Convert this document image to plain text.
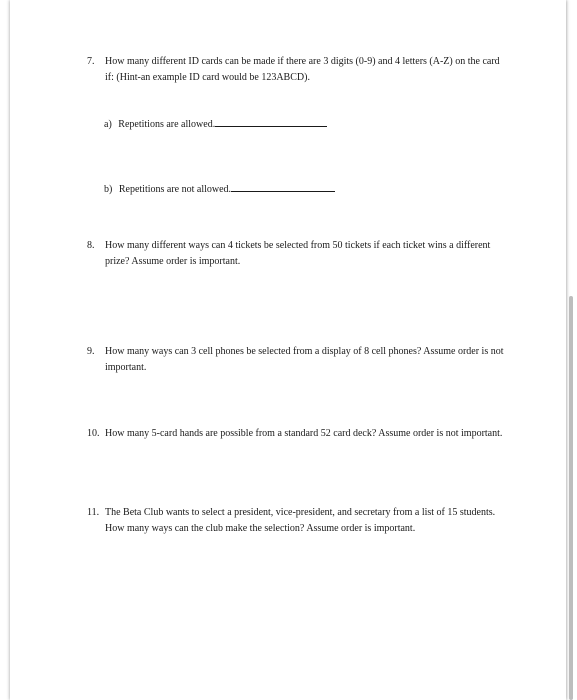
7.	How many different ID cards can be made if there are 3 digits (0-9) and 4 letters (A-Z) on the card if: (Hint-an example ID card would be 123ABCD).
a) Repetitions are allowed.
b) Repetitions are not allowed.
8.	How many different ways can 4 tickets be selected from 50 tickets if each ticket wins a different prize? Assume order is important.
9.	How many ways can 3 cell phones be selected from a display of 8 cell phones? Assume order is not important.
10. How many 5-card hands are possible from a standard 52 card deck? Assume order is not important.
11. The Beta Club wants to select a president, vice-president, and secretary from a list of 15 students. How many ways can the club make the selection? Assume order is important.
